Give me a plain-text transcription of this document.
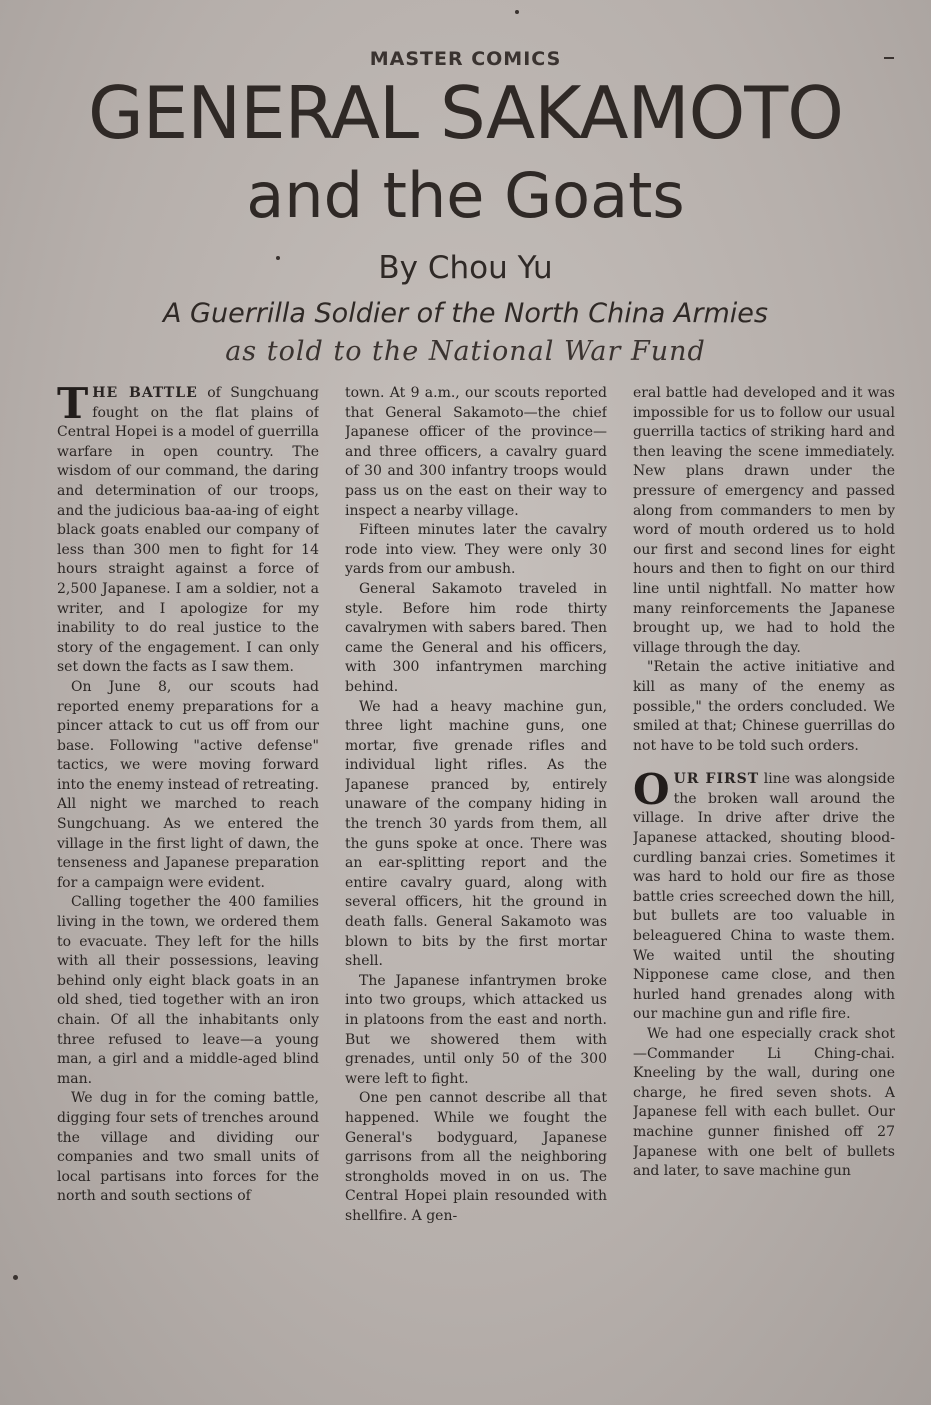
MASTER COMICS
GENERAL SAKAMOTO
and the Goats
By Chou Yu
A Guerrilla Soldier of the North China Armies
as told to the National War Fund

THE BATTLE of Sungchuang fought on the flat plains of Central Hopei is a model of guerrilla warfare in open country. The wisdom of our command, the daring and determination of our troops, and the judicious baa-aa-ing of eight black goats enabled our company of less than 300 men to fight for 14 hours straight against a force of 2,500 Japanese. I am a soldier, not a writer, and I apologize for my inability to do real justice to the story of the engagement. I can only set down the facts as I saw them.

On June 8, our scouts had reported enemy preparations for a pincer attack to cut us off from our base. Following "active defense" tactics, we were moving forward into the enemy instead of retreating. All night we marched to reach Sungchuang. As we entered the village in the first light of dawn, the tenseness and Japanese preparation for a campaign were evident.

Calling together the 400 families living in the town, we ordered them to evacuate. They left for the hills with all their possessions, leaving behind only eight black goats in an old shed, tied together with an iron chain. Of all the inhabitants only three refused to leave—a young man, a girl and a middle-aged blind man.

We dug in for the coming battle, digging four sets of trenches around the village and dividing our companies and two small units of local partisans into forces for the north and south sections of

town. At 9 a.m., our scouts reported that General Sakamoto—the chief Japanese officer of the province—and three officers, a cavalry guard of 30 and 300 infantry troops would pass us on the east on their way to inspect a nearby village.

Fifteen minutes later the cavalry rode into view. They were only 30 yards from our ambush.

General Sakamoto traveled in style. Before him rode thirty cavalrymen with sabers bared. Then came the General and his officers, with 300 infantrymen marching behind.

We had a heavy machine gun, three light machine guns, one mortar, five grenade rifles and individual light rifles. As the Japanese pranced by, entirely unaware of the company hiding in the trench 30 yards from them, all the guns spoke at once. There was an ear-splitting report and the entire cavalry guard, along with several officers, hit the ground in death falls. General Sakamoto was blown to bits by the first mortar shell.

The Japanese infantrymen broke into two groups, which attacked us in platoons from the east and north. But we showered them with grenades, until only 50 of the 300 were left to fight.

One pen cannot describe all that happened. While we fought the General's bodyguard, Japanese garrisons from all the neighboring strongholds moved in on us. The Central Hopei plain resounded with shellfire. A gen-

eral battle had developed and it was impossible for us to follow our usual guerrilla tactics of striking hard and then leaving the scene immediately. New plans drawn under the pressure of emergency and passed along from commanders to men by word of mouth ordered us to hold our first and second lines for eight hours and then to fight on our third line until nightfall. No matter how many reinforcements the Japanese brought up, we had to hold the village through the day.

"Retain the active initiative and kill as many of the enemy as possible," the orders concluded. We smiled at that; Chinese guerrillas do not have to be told such orders.

OUR FIRST line was alongside the broken wall around the village. In drive after drive the Japanese attacked, shouting blood-curdling banzai cries. Sometimes it was hard to hold our fire as those battle cries screeched down the hill, but bullets are too valuable in beleaguered China to waste them. We waited until the shouting Nipponese came close, and then hurled hand grenades along with our machine gun and rifle fire.

We had one especially crack shot—Commander Li Ching-chai. Kneeling by the wall, during one charge, he fired seven shots. A Japanese fell with each bullet. Our machine gunner finished off 27 Japanese with one belt of bullets and later, to save machine gun
